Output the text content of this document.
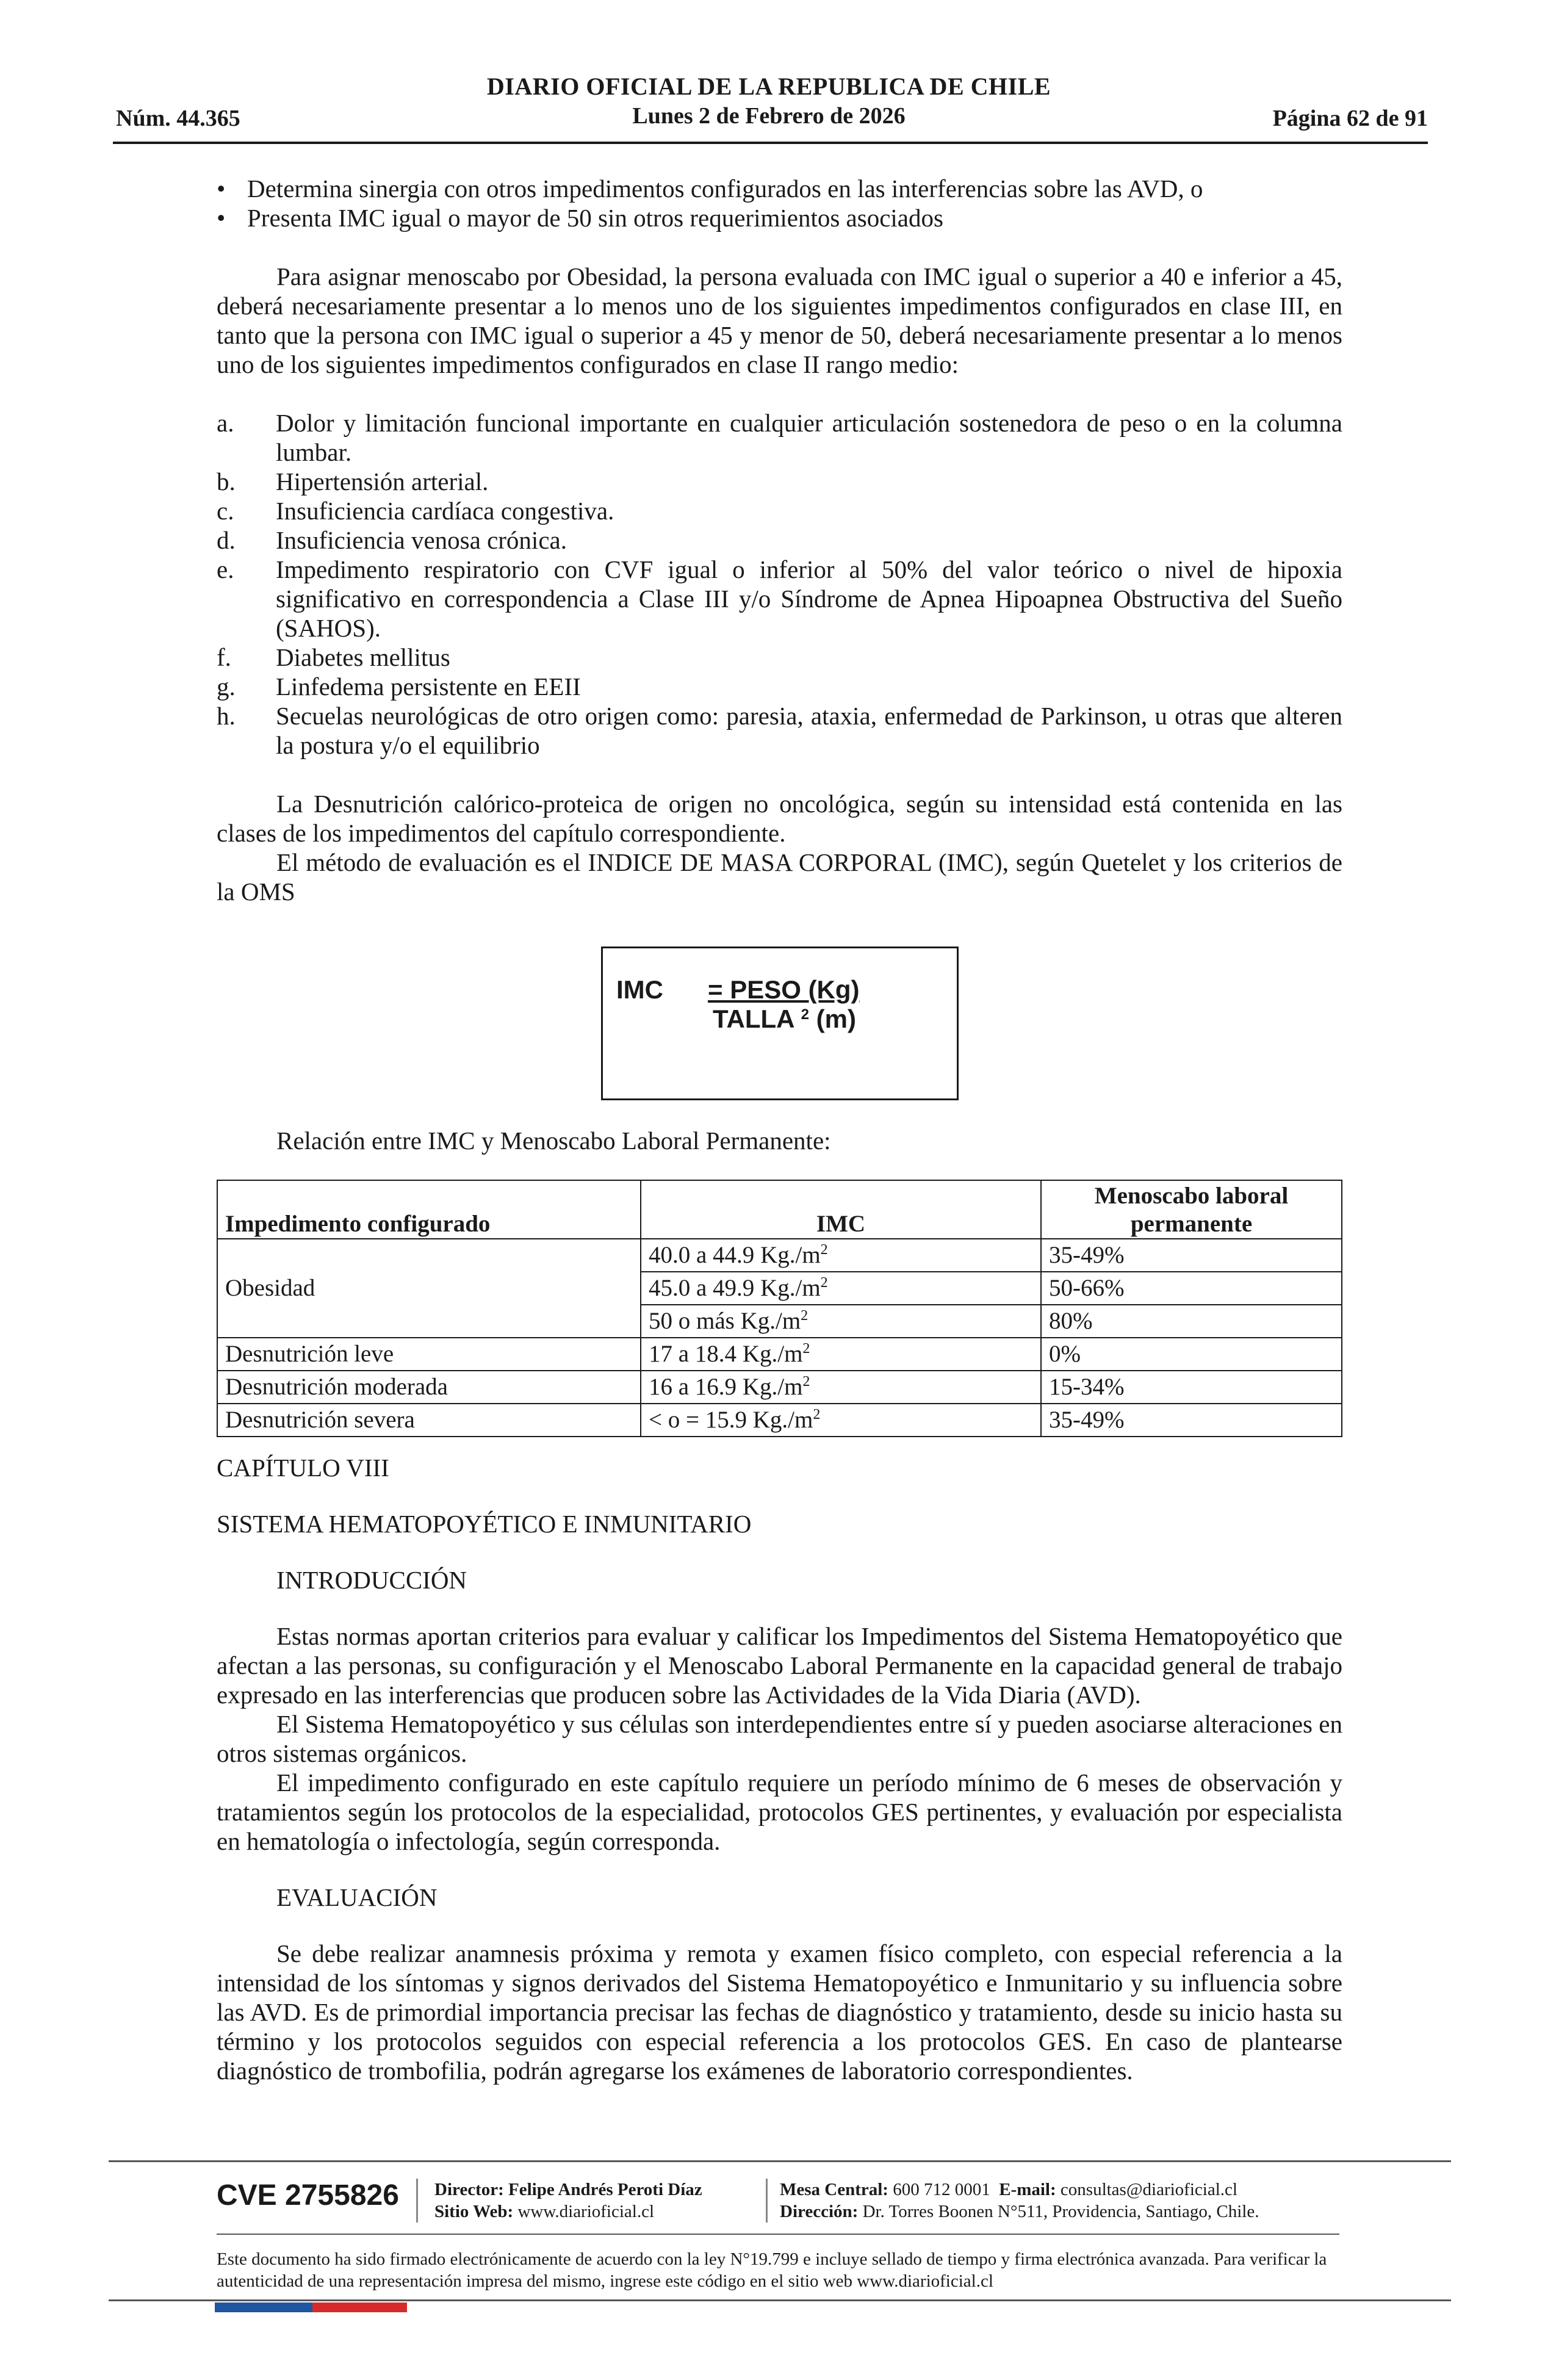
DIARIO OFICIAL DE LA REPUBLICA DE CHILE
Núm. 44.365	Lunes 2 de Febrero de 2026	Página 62 de 91
• Determina sinergia con otros impedimentos configurados en las interferencias sobre las AVD, o
• Presenta IMC igual o mayor de 50 sin otros requerimientos asociados

Para asignar menoscabo por Obesidad, la persona evaluada con IMC igual o superior a 40 e inferior a 45, deberá necesariamente presentar a lo menos uno de los siguientes impedimentos configurados en clase III, en tanto que la persona con IMC igual o superior a 45 y menor de 50, deberá necesariamente presentar a lo menos uno de los siguientes impedimentos configurados en clase II rango medio:

a. Dolor y limitación funcional importante en cualquier articulación sostenedora de peso o en la columna lumbar.
b. Hipertensión arterial.
c. Insuficiencia cardíaca congestiva.
d. Insuficiencia venosa crónica.
e. Impedimento respiratorio con CVF igual o inferior al 50% del valor teórico o nivel de hipoxia significativo en correspondencia a Clase III y/o Síndrome de Apnea Hipoapnea Obstructiva del Sueño (SAHOS).
f. Diabetes mellitus
g. Linfedema persistente en EEII
h. Secuelas neurológicas de otro origen como: paresia, ataxia, enfermedad de Parkinson, u otras que alteren la postura y/o el equilibrio

La Desnutrición calórico-proteica de origen no oncológica, según su intensidad está contenida en las clases de los impedimentos del capítulo correspondiente.

El método de evaluación es el INDICE DE MASA CORPORAL (IMC), según Quetelet y los criterios de la OMS

IMC = PESO (Kg)
TALLA $^2$ (m)

Relación entre IMC y Menoscabo Laboral Permanente:

Impedimento configurado	IMC	Menoscabo laboral permanente
Obesidad	40.0 a 44.9 $Kg./m^2$	35-49%
	45.0 a 49.9 $Kg./m^2$	50-66%
	50 o más $Kg./m^2$	80%
Desnutrición leve	17 a 18.4 $Kg./m^2$	0%
Desnutrición moderada	16 a 16.9 $Kg./m^2$	15-34%
Desnutrición severa	< o = 15.9 $Kg./m^2$	35-49%

CAPÍTULO VIII

SISTEMA HEMATOPOYÉTICO E INMUNITARIO

INTRODUCCIÓN

Estas normas aportan criterios para evaluar y calificar los Impedimentos del Sistema Hematopoyético que afectan a las personas, su configuración y el Menoscabo Laboral Permanente en la capacidad general de trabajo expresado en las interferencias que producen sobre las Actividades de la Vida Diaria (AVD).

El Sistema Hematopoyético y sus células son interdependientes entre sí y pueden asociarse alteraciones en otros sistemas orgánicos.

El impedimento configurado en este capítulo requiere un período mínimo de 6 meses de observación y tratamientos según los protocolos de la especialidad, protocolos GES pertinentes, y evaluación por especialista en hematología o infectología, según corresponda.

EVALUACIÓN

Se debe realizar anamnesis próxima y remota y examen físico completo, con especial referencia a la intensidad de los síntomas y signos derivados del Sistema Hematopoyético e Inmunitario y su influencia sobre las AVD. Es de primordial importancia precisar las fechas de diagnóstico y tratamiento, desde su inicio hasta su término y los protocolos seguidos con especial referencia a los protocolos GES. En caso de plantearse diagnóstico de trombofilia, podrán agregarse los exámenes de laboratorio correspondientes.

CVE 2755826 Director: Felipe Andrés Peroti Díaz
Sitio Web: www.diarioficial.cl
Mesa Central: 600 712 0001 E-mail: consultas@diarioficial.cl
Dirección: Dr. Torres Boonen N°511, Providencia, Santiago, Chile.
Este documento ha sido firmado electrónicamente de acuerdo con la ley N°19.799 e incluye sellado de tiempo y firma electrónica avanzada. Para verificar la autenticidad de una representación impresa del mismo, ingrese este código en el sitio web www.diarioficial.cl
